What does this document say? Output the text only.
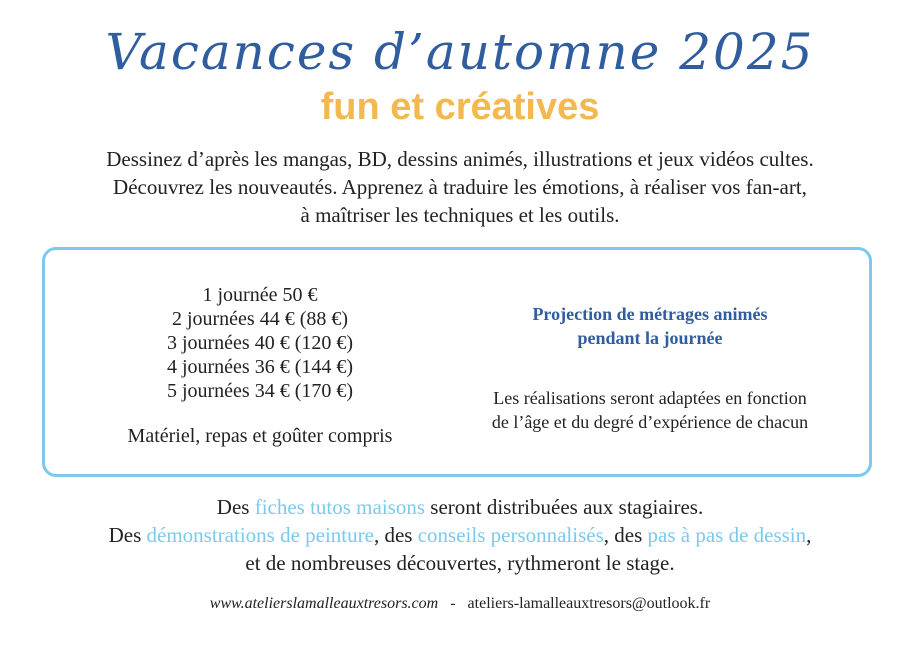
Vacances d’automne 2025
fun et créatives
Dessinez d’après les mangas, BD, dessins animés, illustrations et jeux vidéos cultes.
Découvrez les nouveautés. Apprenez à traduire les émotions, à réaliser vos fan-art,
à maîtriser les techniques et les outils.
1 journée 50 €
2 journées 44 € (88 €)
3 journées 40 € (120 €)
4 journées 36 € (144 €)
5 journées 34 € (170 €)
Matériel, repas et goûter compris
Projection de métrages animés
pendant la journée
Les réalisations seront adaptées en fonction
de l’âge et du degré d’expérience de chacun
Des fiches tutos maisons seront distribuées aux stagiaires.
Des démonstrations de peinture, des conseils personnalisés, des pas à pas de dessin,
et de nombreuses découvertes, rythmeront le stage.
www.ateliers​lamalleauxtresors.com - ateliers-lamalleauxtresors@outlook.fr
